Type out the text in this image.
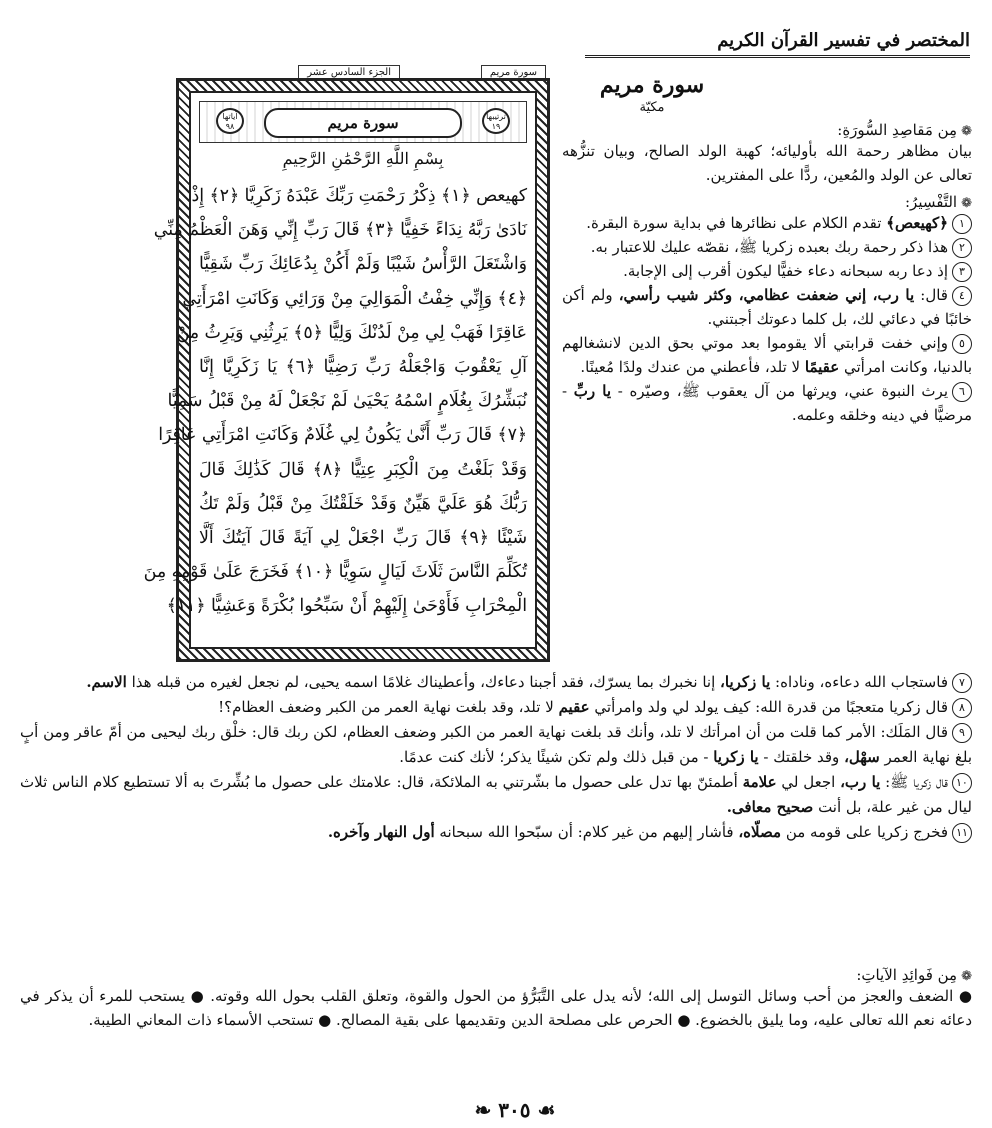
المختصر في تفسير القرآن الكريم
الجزء السادس عشر	سورة مريم
ترتيبها ١٩
سورة مريم
آياتها ٩٨
بِسْمِ اللَّهِ الرَّحْمَٰنِ الرَّحِيمِ
كهيعص ﴿١﴾ ذِكْرُ رَحْمَتِ رَبِّكَ عَبْدَهُ زَكَرِيَّا ﴿٢﴾ إِذْ
نَادَىٰ رَبَّهُ نِدَاءً خَفِيًّا ﴿٣﴾ قَالَ رَبِّ إِنِّي وَهَنَ الْعَظْمُ مِنِّي
وَاشْتَعَلَ الرَّأْسُ شَيْبًا وَلَمْ أَكُنْ بِدُعَائِكَ رَبِّ شَقِيًّا
﴿٤﴾ وَإِنِّي خِفْتُ الْمَوَالِيَ مِنْ وَرَائِي وَكَانَتِ امْرَأَتِي
عَاقِرًا فَهَبْ لِي مِنْ لَدُنْكَ وَلِيًّا ﴿٥﴾ يَرِثُنِي وَيَرِثُ مِنْ
آلِ يَعْقُوبَ وَاجْعَلْهُ رَبِّ رَضِيًّا ﴿٦﴾ يَا زَكَرِيَّا إِنَّا
نُبَشِّرُكَ بِغُلَامٍ اسْمُهُ يَحْيَىٰ لَمْ نَجْعَلْ لَهُ مِنْ قَبْلُ سَمِيًّا
﴿٧﴾ قَالَ رَبِّ أَنَّىٰ يَكُونُ لِي غُلَامٌ وَكَانَتِ امْرَأَتِي عَاقِرًا
وَقَدْ بَلَغْتُ مِنَ الْكِبَرِ عِتِيًّا ﴿٨﴾ قَالَ كَذَٰلِكَ قَالَ
رَبُّكَ هُوَ عَلَيَّ هَيِّنٌ وَقَدْ خَلَقْتُكَ مِنْ قَبْلُ وَلَمْ تَكُ
شَيْئًا ﴿٩﴾ قَالَ رَبِّ اجْعَلْ لِي آيَةً قَالَ آيَتُكَ أَلَّا
تُكَلِّمَ النَّاسَ ثَلَاثَ لَيَالٍ سَوِيًّا ﴿١٠﴾ فَخَرَجَ عَلَىٰ قَوْمِهِ مِنَ
الْمِحْرَابِ فَأَوْحَىٰ إِلَيْهِمْ أَنْ سَبِّحُوا بُكْرَةً وَعَشِيًّا ﴿١١﴾
سورة مريم
مكيّة
❁مِن مَقاصِدِ السُّورَةِ:
بيان مظاهر رحمة الله بأوليائه؛ كهبة الولد الصالح، وبيان تنزُّهه تعالى عن الولد والمُعين، ردًّا على المفترين.
❁التَّفْسِيرُ:
١﴿كهيعص﴾ تقدم الكلام على نظائرها في بداية سورة البقرة.
٢هذا ذكر رحمة ربك بعبده زكريا ﷺ، نقصّه عليك للاعتبار به.
٣إذ دعا ربه سبحانه دعاء خفيًّا ليكون أقرب إلى الإجابة.
٤قال: يا رب، إني ضعفت عظامي، وكثر شيب رأسي، ولم أكن خائبًا في دعائي لك، بل كلما دعوتك أجبتني.
٥وإني خفت قرابتي ألا يقوموا بعد موتي بحق الدين لانشغالهم بالدنيا، وكانت امرأتي عقيمًا لا تلد، فأعطني من عندك ولدًا مُعينًا.
٦يرث النبوة عني، ويرثها من آل يعقوب ﷺ، وصيّره - يا ربِّ - مرضيًّا في دينه وخلقه وعلمه.
٧فاستجاب الله دعاءه، وناداه: يا زكريا، إنا نخبرك بما يسرّك، فقد أجبنا دعاءك، وأعطيناك غلامًا اسمه يحيى، لم نجعل لغيره من قبله هذا الاسم.
٨قال زكريا متعجبًا من قدرة الله: كيف يولد لي ولد وامرأتي عقيم لا تلد، وقد بلغت نهاية العمر من الكبر وضعف العظام؟!
٩قال المَلَك: الأمر كما قلت من أن امرأتك لا تلد، وأنك قد بلغت نهاية العمر من الكبر وضعف العظام، لكن ربك قال: خلْق ربك ليحيى من أمّ عاقر ومن أبٍ بلغ نهاية العمر سهْل، وقد خلقتك - يا زكريا - من قبل ذلك ولم تكن شيئًا يذكر؛ لأنك كنت عدمًا.
١٠قال زكريا ﷺ: يا رب، اجعل لي علامة أطمئنّ بها تدل على حصول ما بشّرتني به الملائكة، قال: علامتك على حصول ما بُشِّرتَ به ألا تستطيع كلام الناس ثلاث ليال من غير علة، بل أنت صحيح معافى.
١١فخرج زكريا على قومه من مصلّاه، فأشار إليهم من غير كلام: أن سبّحوا الله سبحانه أول النهار وآخره.
❁مِن فَوائِدِ الآياتِ:
● الضعف والعجز من أحب وسائل التوسل إلى الله؛ لأنه يدل على التَّبَرُّؤ من الحول والقوة، وتعلق القلب بحول الله وقوته. ● يستحب للمرء أن يذكر في دعائه نعم الله تعالى عليه، وما يليق بالخضوع. ● الحرص على مصلحة الدين وتقديمها على بقية المصالح. ● تستحب الأسماء ذات المعاني الطيبة.
❧ ٣٠٥ ☙
